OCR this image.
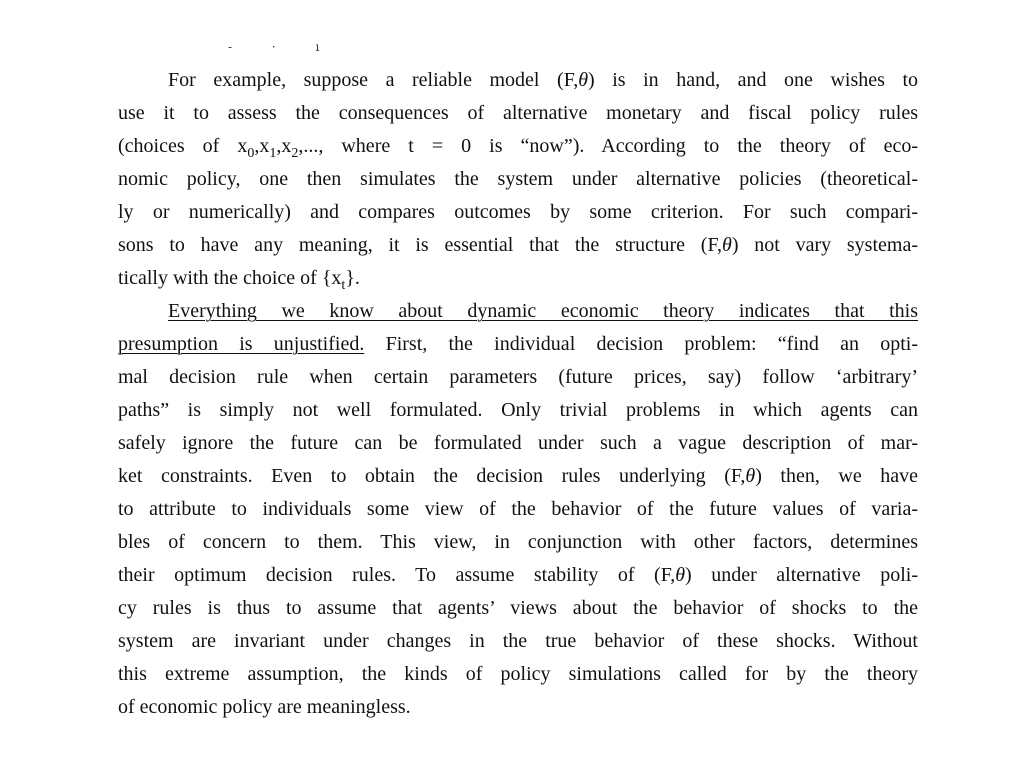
- · ı
For example, suppose a reliable model (F,θ) is in hand, and one wishes to
use it to assess the consequences of alternative monetary and fiscal policy rules
(choices of $x_0,x_1,x_2$,..., where t = 0 is “now”). According to the theory of eco-
nomic policy, one then simulates the system under alternative policies (theoretical-
ly or numerically) and compares outcomes by some criterion. For such compari-
sons to have any meaning, it is essential that the structure (F,θ) not vary systema-
tically with the choice of $\{x_t\}$.
Everything we know about dynamic economic theory indicates that this
presumption is unjustified. First, the individual decision problem: “find an opti-
mal decision rule when certain parameters (future prices, say) follow ‘arbitrary’
paths” is simply not well formulated. Only trivial problems in which agents can
safely ignore the future can be formulated under such a vague description of mar-
ket constraints. Even to obtain the decision rules underlying (F,θ) then, we have
to attribute to individuals some view of the behavior of the future values of varia-
bles of concern to them. This view, in conjunction with other factors, determines
their optimum decision rules. To assume stability of (F,θ) under alternative poli-
cy rules is thus to assume that agents’ views about the behavior of shocks to the
system are invariant under changes in the true behavior of these shocks. Without
this extreme assumption, the kinds of policy simulations called for by the theory
of economic policy are meaningless.
